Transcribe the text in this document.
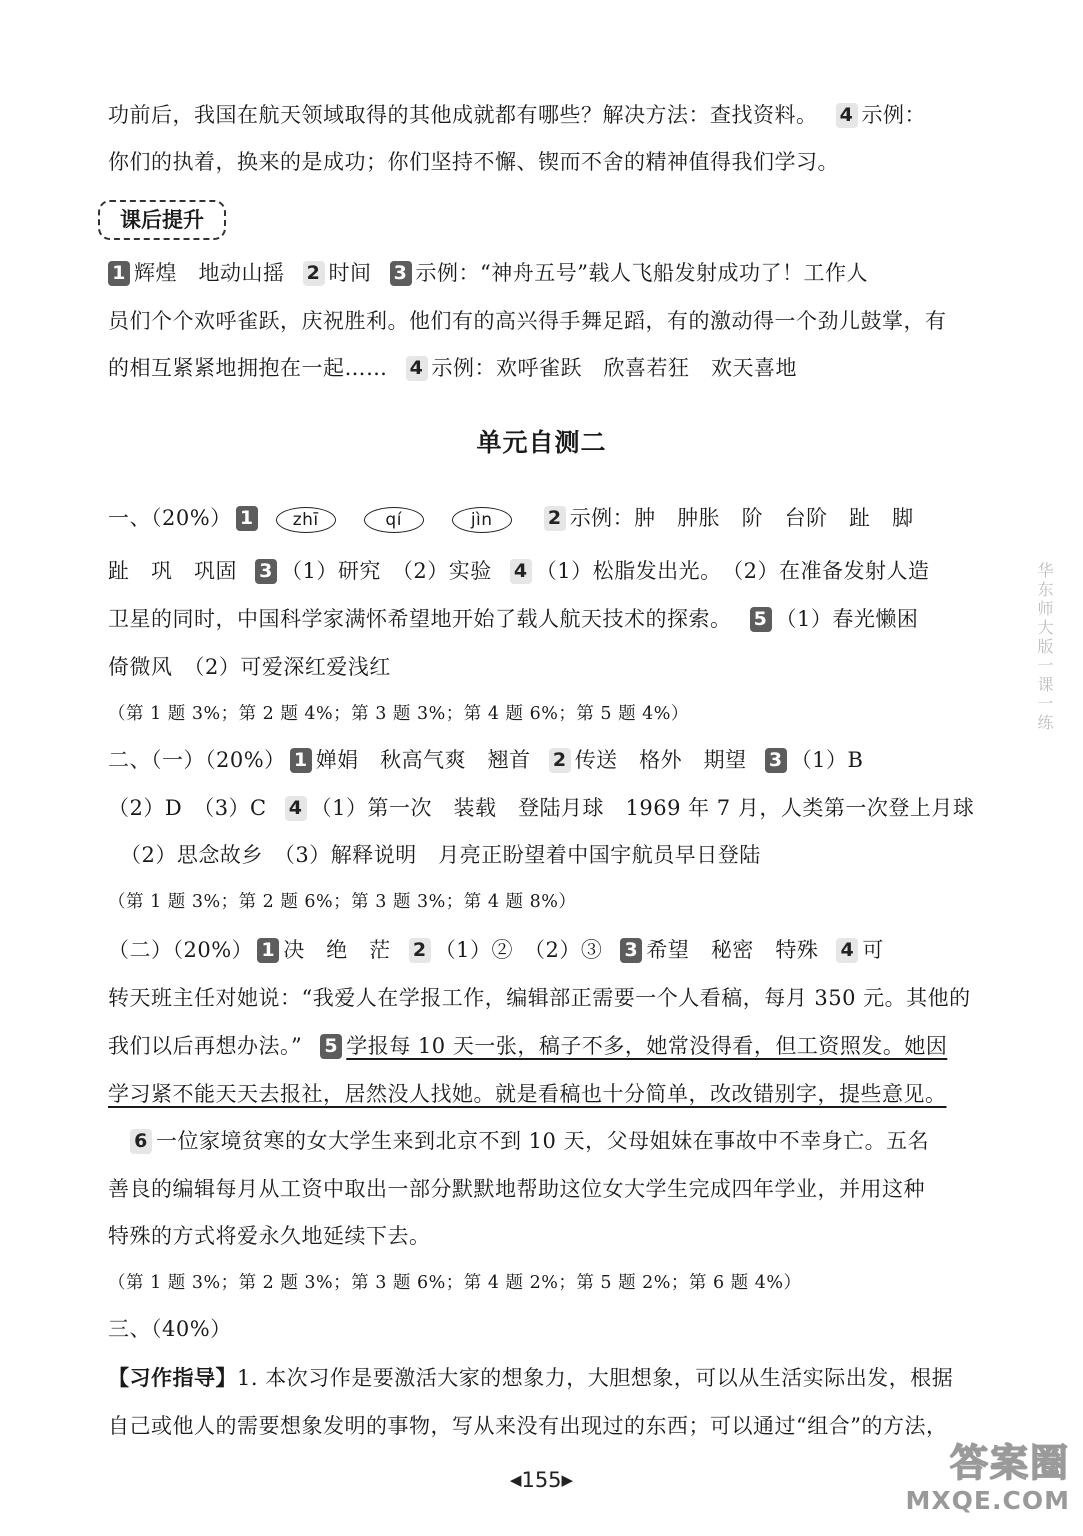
功前后，我国在航天领域取得的其他成就都有哪些？解决方法：查找资料。 4 示例：
你们的执着，换来的是成功；你们坚持不懈、锲而不舍的精神值得我们学习。
课后提升
1 辉煌　地动山摇 2 时间 3 示例：“神舟五号”载人飞船发射成功了！工作人
员们个个欢呼雀跃，庆祝胜利。他们有的高兴得手舞足蹈，有的激动得一个劲儿鼓掌，有
的相互紧紧地拥抱在一起…… 4 示例：欢呼雀跃　欣喜若狂　欢天喜地
单元自测二
一、（20%） 1 zhī	qí	jìn	2 示例：肿　肿胀　阶　台阶　趾　脚
趾　巩　巩固 3 （1）研究　（2）实验 4 （1）松脂发出光。　（2）在准备发射人造
卫星的同时，中国科学家满怀希望地开始了载人航天技术的探索。 5 （1）春光懒困
倚微风　（2）可爱深红爱浅红
（第 1 题 3%；第 2 题 4%；第 3 题 3%；第 4 题 6%；第 5 题 4%）
二、（一）（20%） 1 婵娟　秋高气爽　翘首 2 传送　格外　期望 3 （1）B
（2）D　（3）C 4 （1）第一次　装载　登陆月球　1969 年 7 月，人类第一次登上月球
（2）思念故乡　（3）解释说明　月亮正盼望着中国宇航员早日登陆
（第 1 题 3%；第 2 题 6%；第 3 题 3%；第 4 题 8%）
（二）（20%） 1 决　绝　茫 2 （1）②　（2）③ 3 希望　秘密　特殊 4 可
转天班主任对她说：“我爱人在学报工作，编辑部正需要一个人看稿，每月 350 元。其他的
我们以后再想办法。” 5 学报每 10 天一张，稿子不多，她常没得看，但工资照发。她因
学习紧不能天天去报社，居然没人找她。就是看稿也十分简单，改改错别字，提些意见。
6 一位家境贫寒的女大学生来到北京不到 10 天，父母姐妹在事故中不幸身亡。五名
善良的编辑每月从工资中取出一部分默默地帮助这位女大学生完成四年学业，并用这种
特殊的方式将爱永久地延续下去。
（第 1 题 3%；第 2 题 3%；第 3 题 6%；第 4 题 2%；第 5 题 2%；第 6 题 4%）
三、（40%）
【习作指导】1. 本次习作是要激活大家的想象力，大胆想象，可以从生活实际出发，根据
自己或他人的需要想象发明的事物，写从来没有出现过的东西；可以通过“组合”的方法，
华东师大版一课一练
◀155▶	答案圈
MXQE.COM
